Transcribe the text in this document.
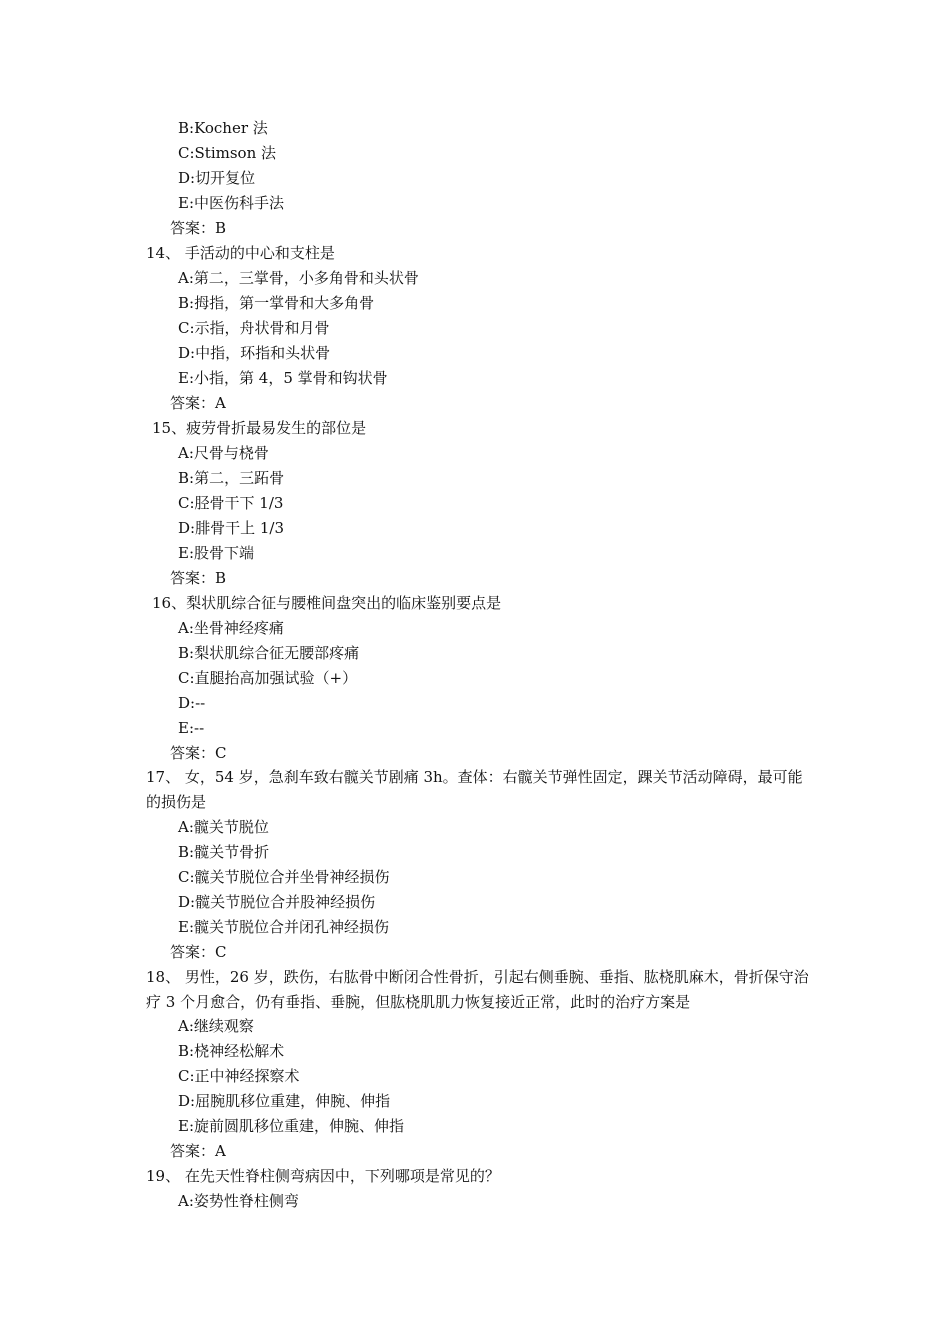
B:Kocher 法
C:Stimson 法
D:切开复位
E:中医伤科手法
答案：B
14、 手活动的中心和支柱是
A:第二，三掌骨，小多角骨和头状骨
B:拇指，第一掌骨和大多角骨
C:示指，舟状骨和月骨
D:中指，环指和头状骨
E:小指，第 4，5 掌骨和钩状骨
答案：A
15、疲劳骨折最易发生的部位是
A:尺骨与桡骨
B:第二，三跖骨
C:胫骨干下 1/3
D:腓骨干上 1/3
E:股骨下端
答案：B
16、梨状肌综合征与腰椎间盘突出的临床鉴别要点是
A:坐骨神经疼痛
B:梨状肌综合征无腰部疼痛
C:直腿抬高加强试验（+）
D:--
E:--
答案：C
17、 女，54 岁，急刹车致右髋关节剧痛 3h。查体：右髋关节弹性固定，踝关节活动障碍，最可能的损伤是
A:髋关节脱位
B:髋关节骨折
C:髋关节脱位合并坐骨神经损伤
D:髋关节脱位合并股神经损伤
E:髋关节脱位合并闭孔神经损伤
答案：C
18、 男性，26 岁，跌伤，右肱骨中断闭合性骨折，引起右侧垂腕、垂指、肱桡肌麻木，骨折保守治疗 3 个月愈合，仍有垂指、垂腕，但肱桡肌肌力恢复接近正常，此时的治疗方案是
A:继续观察
B:桡神经松解术
C:正中神经探察术
D:屈腕肌移位重建，伸腕、伸指
E:旋前圆肌移位重建，伸腕、伸指
答案：A
19、 在先天性脊柱侧弯病因中，下列哪项是常见的？
A:姿势性脊柱侧弯
